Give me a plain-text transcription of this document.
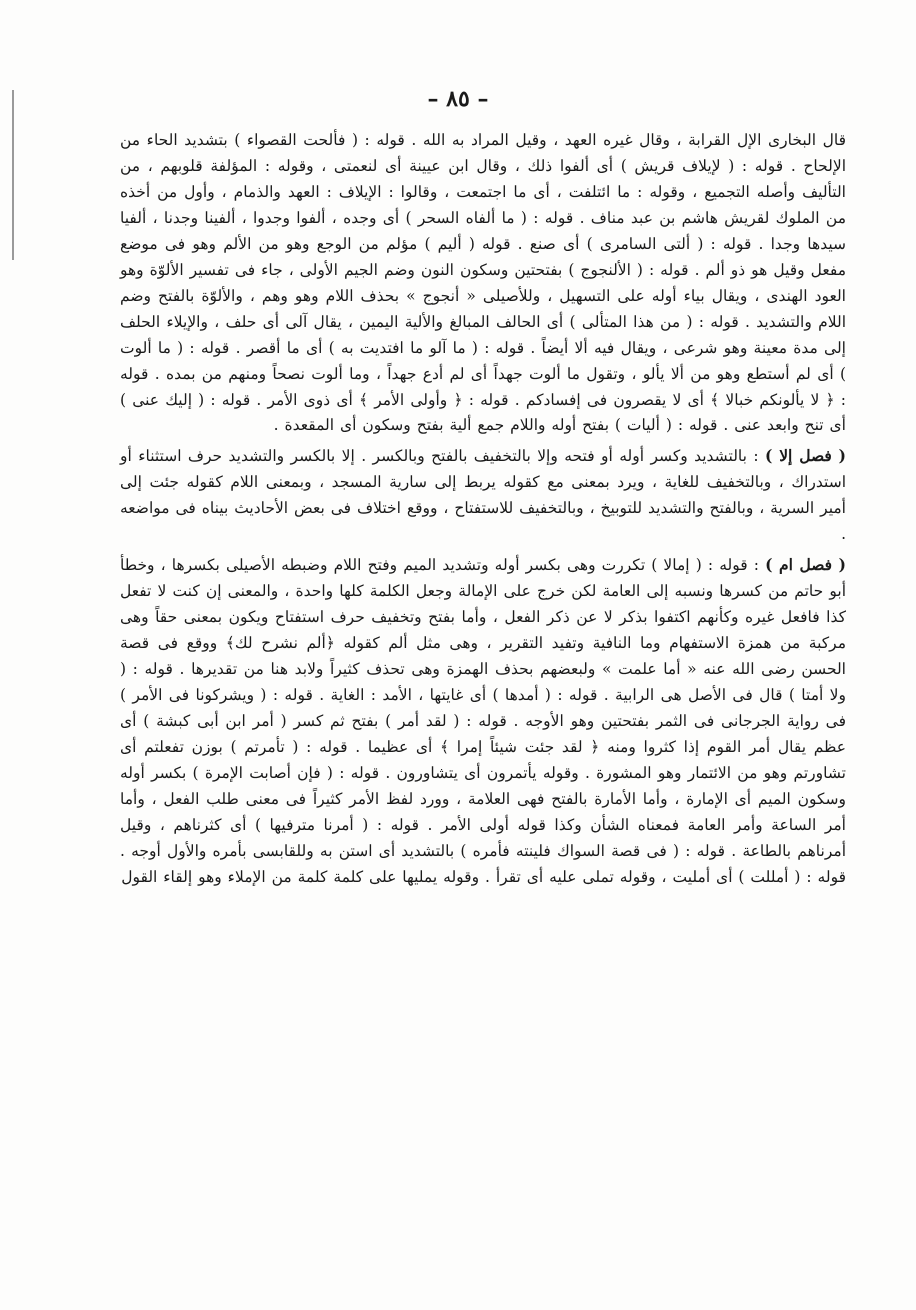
– ٨٥ –

قال البخارى الإل القرابة ، وقال غيره العهد ، وقيل المراد به الله . قوله : ( فألحت القصواء ) بتشديد الحاء من الإلحاح . قوله : ( لإيلاف قريش ) أى ألفوا ذلك ، وقال ابن عيينة أى لنعمتى ، وقوله : المؤلفة قلوبهم ، من التأليف وأصله التجميع ، وقوله : ما ائتلفت ، أى ما اجتمعت ، وقالوا : الإيلاف : العهد والذمام ، وأول من أخذه من الملوك لقريش هاشم بن عبد مناف . قوله : ( ما ألفاه السحر ) أى وجده ، ألفوا وجدوا ، ألفينا وجدنا ، ألفيا سيدها وجدا . قوله : ( ألتى السامرى ) أى صنع . قوله ( أليم ) مؤلم من الوجع وهو من الألم وهو فى موضع مفعل وقيل هو ذو ألم . قوله : ( الألنجوج ) بفتحتين وسكون النون وضم الجيم الأولى ، جاء فى تفسير الألوّة وهو العود الهندى ، ويقال بياء أوله على التسهيل ، وللأصيلى « أنجوج » بحذف اللام وهو وهم ، والألوّة بالفتح وضم اللام والتشديد . قوله : ( من هذا المتألى ) أى الحالف المبالغ والألية اليمين ، يقال آلى أى حلف ، والإيلاء الحلف إلى مدة معينة وهو شرعى ، ويقال فيه ألا أيضاً . قوله : ( ما آلو ما افتديت به ) أى ما أقصر . قوله : ( ما ألوت ) أى لم أستطع وهو من ألا يألو ، وتقول ما ألوت جهداً أى لم أدع جهداً ، وما ألوت نصحاً ومنهم من بمده . قوله : ﴿ لا يألونكم خبالا ﴾ أى لا يقصرون فى إفسادكم . قوله : ﴿ وأولى الأمر ﴾ أى ذوى الأمر . قوله : ( إليك عنى ) أى تنح وابعد عنى . قوله : ( أليات ) بفتح أوله واللام جمع ألية بفتح وسكون أى المقعدة .

( فصل إلا ) : بالتشديد وكسر أوله أو فتحه وإلا بالتخفيف بالفتح وبالكسر . إلا بالكسر والتشديد حرف استثناء أو استدراك ، وبالتخفيف للغاية ، ويرد بمعنى مع كقوله يربط إلى سارية المسجد ، وبمعنى اللام كقوله جئت إلى أمير السرية ، وبالفتح والتشديد للتوبيخ ، وبالتخفيف للاستفتاح ، ووقع اختلاف فى بعض الأحاديث بيناه فى مواضعه .

( فصل ام ) : قوله : ( إمالا ) تكررت وهى بكسر أوله وتشديد الميم وفتح اللام وضبطه الأصيلى بكسرها ، وخطأ أبو حاتم من كسرها ونسبه إلى العامة لكن خرج على الإمالة وجعل الكلمة كلها واحدة ، والمعنى إن كنت لا تفعل كذا فافعل غيره وكأنهم اكتفوا بذكر لا عن ذكر الفعل ، وأما بفتح وتخفيف حرف استفتاح ويكون بمعنى حقاً وهى مركبة من همزة الاستفهام وما النافية وتفيد التقرير ، وهى مثل ألم كقوله ﴿ألم نشرح لك﴾ ووقع فى قصة الحسن رضى الله عنه « أما علمت » ولبعضهم بحذف الهمزة وهى تحذف كثيراً ولابد هنا من تقديرها . قوله : ( ولا أمتا ) قال فى الأصل هى الرابية . قوله : ( أمدها ) أى غايتها ، الأمد : الغاية . قوله : ( ويشركونا فى الأمر ) فى رواية الجرجانى فى الثمر بفتحتين وهو الأوجه . قوله : ( لقد أمر ) بفتح ثم كسر ( أمر ابن أبى كبشة ) أى عظم يقال أمر القوم إذا كثروا ومنه ﴿ لقد جئت شيئاً إمرا ﴾ أى عظيما . قوله : ( تأمرتم ) بوزن تفعلتم أى تشاورتم وهو من الائتمار وهو المشورة . وقوله يأتمرون أى يتشاورون . قوله : ( فإن أصابت الإمرة ) بكسر أوله وسكون الميم أى الإمارة ، وأما الأمارة بالفتح فهى العلامة ، وورد لفظ الأمر كثيراً فى معنى طلب الفعل ، وأما أمر الساعة وأمر العامة فمعناه الشأن وكذا قوله أولى الأمر . قوله : ( أمرنا مترفيها ) أى كثرناهم ، وقيل أمرناهم بالطاعة . قوله : ( فى قصة السواك فلينته فأمره ) بالتشديد أى استن به وللقابسى بأمره والأول أوجه . قوله : ( أمللت ) أى أمليت ، وقوله تملى عليه أى تقرأ . وقوله يمليها على كلمة كلمة من الإملاء وهو إلقاء القول
